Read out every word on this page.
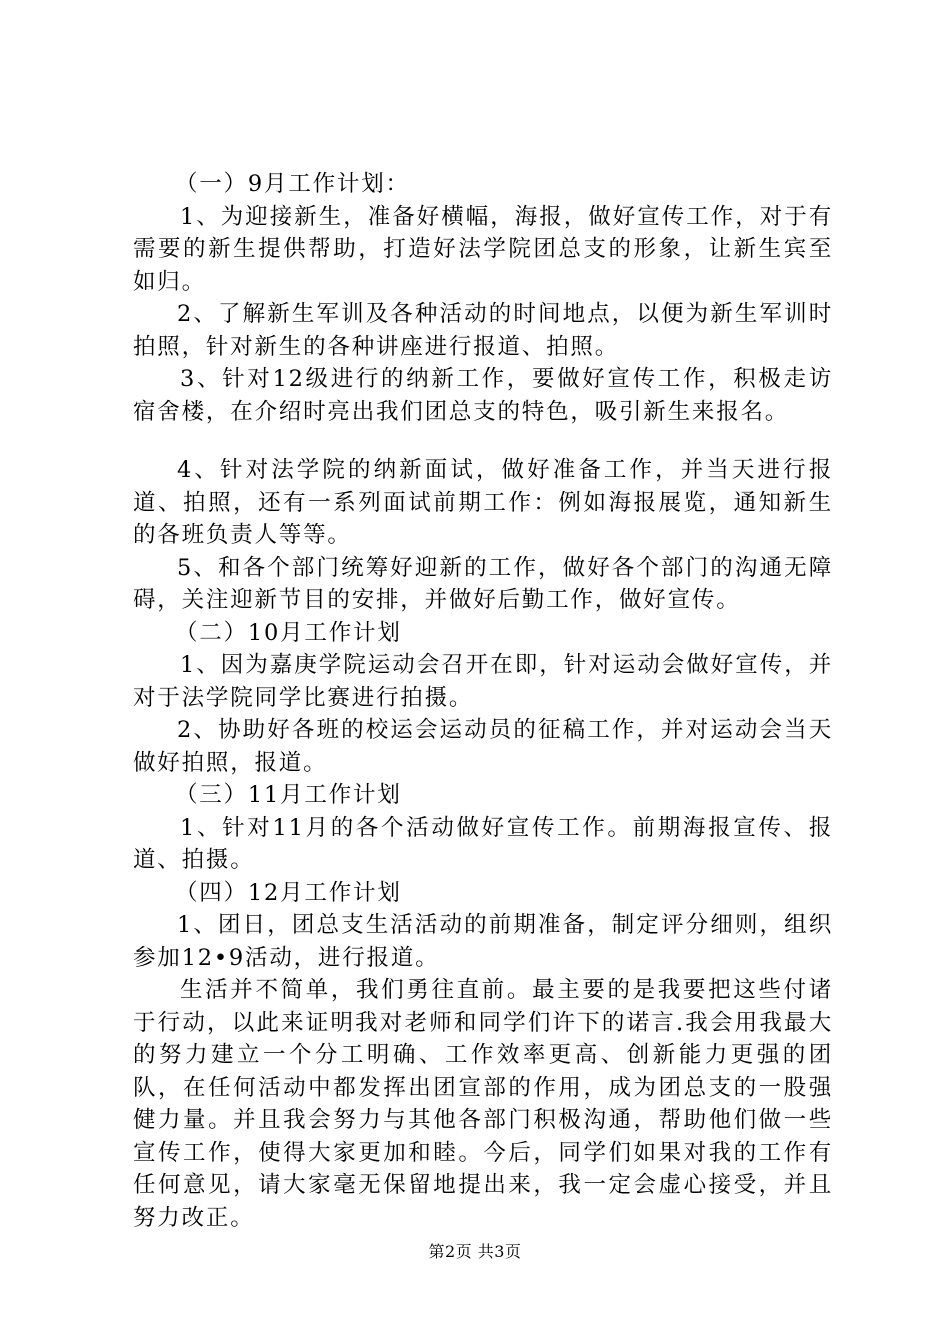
（一）9月工作计划：

1、为迎接新生，准备好横幅，海报，做好宣传工作，对于有需要的新生提供帮助，打造好法学院团总支的形象，让新生宾至如归。

2、了解新生军训及各种活动的时间地点，以便为新生军训时拍照，针对新生的各种讲座进行报道、拍照。

3、针对12级进行的纳新工作，要做好宣传工作，积极走访宿舍楼，在介绍时亮出我们团总支的特色，吸引新生来报名。

4、针对法学院的纳新面试，做好准备工作，并当天进行报道、拍照，还有一系列面试前期工作：例如海报展览，通知新生的各班负责人等等。

5、和各个部门统筹好迎新的工作，做好各个部门的沟通无障碍，关注迎新节目的安排，并做好后勤工作，做好宣传。

（二）10月工作计划

1、因为嘉庚学院运动会召开在即，针对运动会做好宣传，并对于法学院同学比赛进行拍摄。

2、协助好各班的校运会运动员的征稿工作，并对运动会当天做好拍照，报道。

（三）11月工作计划

1、针对11月的各个活动做好宣传工作。前期海报宣传、报道、拍摄。

（四）12月工作计划

1、团日，团总支生活活动的前期准备，制定评分细则，组织参加12•9活动，进行报道。

生活并不简单，我们勇往直前。最主要的是我要把这些付诸于行动，以此来证明我对老师和同学们许下的诺言.我会用我最大的努力建立一个分工明确、工作效率更高、创新能力更强的团队，在任何活动中都发挥出团宣部的作用，成为团总支的一股强健力量。并且我会努力与其他各部门积极沟通，帮助他们做一些宣传工作，使得大家更加和睦。今后，同学们如果对我的工作有任何意见，请大家毫无保留地提出来，我一定会虚心接受，并且努力改正。

第2页 共3页
